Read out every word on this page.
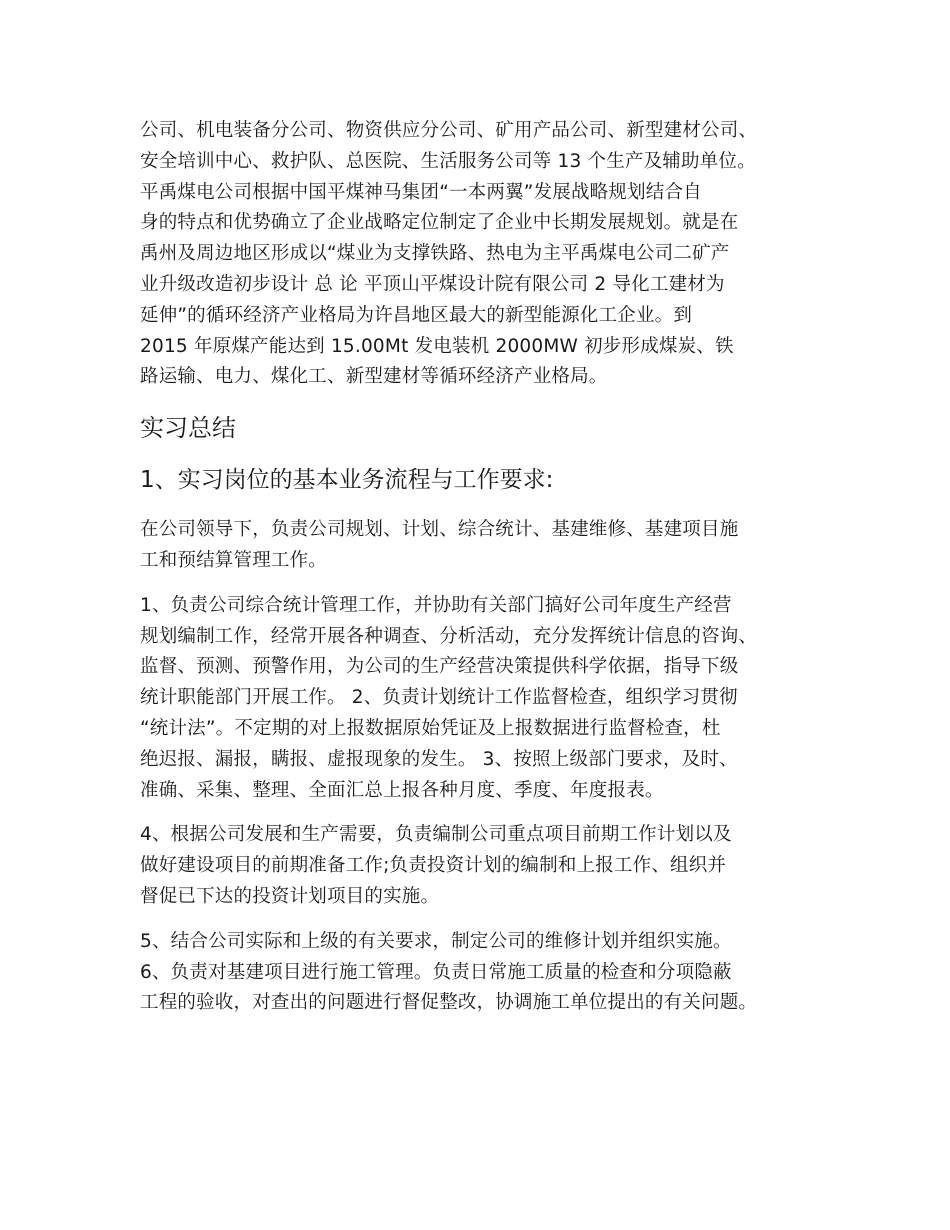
公司、机电装备分公司、物资供应分公司、矿用产品公司、新型建材公司、
安全培训中心、救护队、总医院、生活服务公司等 13 个生产及辅助单位。
平禹煤电公司根据中国平煤神马集团“一本两翼”发展战略规划结合自
身的特点和优势确立了企业战略定位制定了企业中长期发展规划。就是在
禹州及周边地区形成以“煤业为支撑铁路、热电为主平禹煤电公司二矿产
业升级改造初步设计 总 论 平顶山平煤设计院有限公司 2 导化工建材为
延伸”的循环经济产业格局为许昌地区最大的新型能源化工企业。到
2015 年原煤产能达到 15.00Mt 发电装机 2000MW 初步形成煤炭、铁
路运输、电力、煤化工、新型建材等循环经济产业格局。

实习总结
1、实习岗位的基本业务流程与工作要求:

在公司领导下，负责公司规划、计划、综合统计、基建维修、基建项目施
工和预结算管理工作。

1、负责公司综合统计管理工作，并协助有关部门搞好公司年度生产经营
规划编制工作，经常开展各种调查、分析活动，充分发挥统计信息的咨询、
监督、预测、预警作用，为公司的生产经营决策提供科学依据，指导下级
统计职能部门开展工作。 2、负责计划统计工作监督检查，组织学习贯彻
“统计法”。不定期的对上报数据原始凭证及上报数据进行监督检查，杜
绝迟报、漏报，瞒报、虚报现象的发生。 3、按照上级部门要求，及时、
准确、采集、整理、全面汇总上报各种月度、季度、年度报表。

4、根据公司发展和生产需要，负责编制公司重点项目前期工作计划以及
做好建设项目的前期准备工作;负责投资计划的编制和上报工作、组织并
督促已下达的投资计划项目的实施。

5、结合公司实际和上级的有关要求，制定公司的维修计划并组织实施。
6、负责对基建项目进行施工管理。负责日常施工质量的检查和分项隐蔽
工程的验收，对查出的问题进行督促整改，协调施工单位提出的有关问题。
